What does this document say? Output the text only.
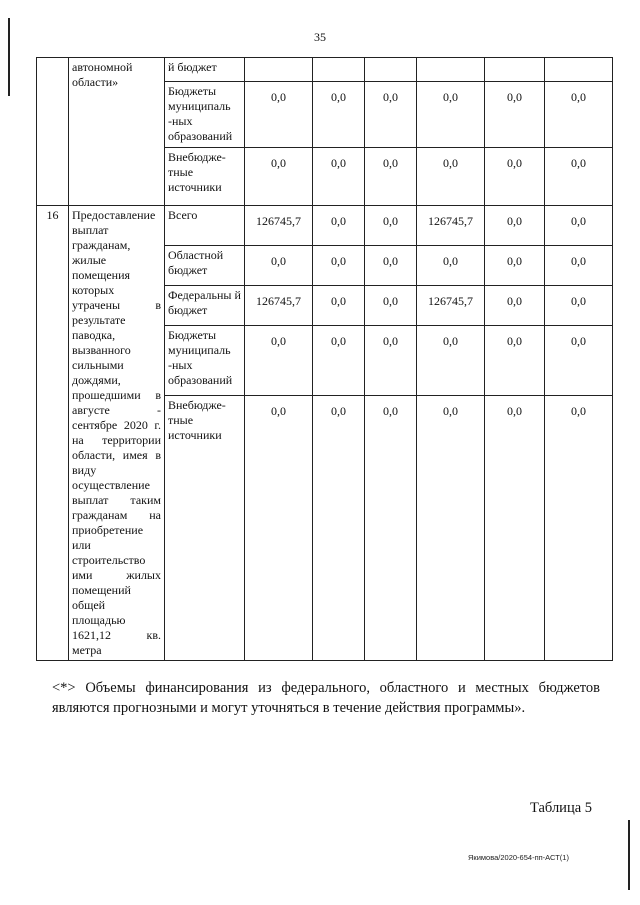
35
	автономной области»	й бюджет						
		Бюджеты муниципаль -ных образований	0,0	0,0	0,0	0,0	0,0	0,0
		Внебюдже-тные источники	0,0	0,0	0,0	0,0	0,0	0,0
16	Предоставление выплат гражданам, жилые помещения которых утрачены в результате паводка, вызванного сильными дождями, прошедшими в августе - сентябре 2020 г. на территории области, имея в виду осуществление выплат таким гражданам на приобретение или строительство ими жилых помещений общей площадью 1621,12 кв. метра	Всего	126745,7	0,0	0,0	126745,7	0,0	0,0
		Областной бюджет	0,0	0,0	0,0	0,0	0,0	0,0
		Федеральны й бюджет	126745,7	0,0	0,0	126745,7	0,0	0,0
		Бюджеты муниципаль -ных образований	0,0	0,0	0,0	0,0	0,0	0,0
		Внебюдже-тные источники	0,0	0,0	0,0	0,0	0,0	0,0
<*> Объемы финансирования из федерального, областного и местных бюджетов являются прогнозными и могут уточняться в течение действия программы».
Таблица 5
Якимова/2020-654-пп-АСТ(1)
